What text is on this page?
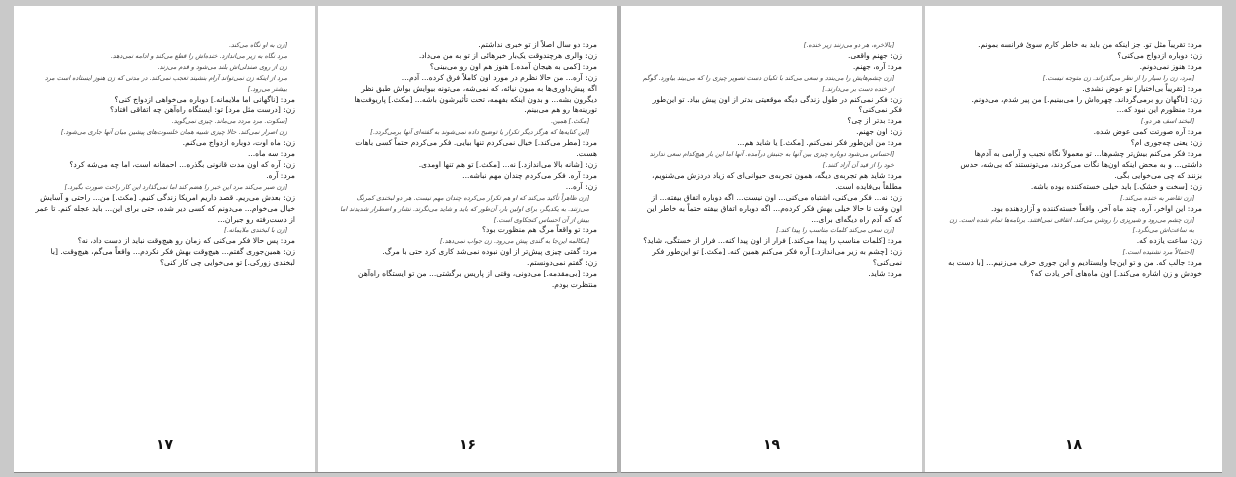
[زن به او نگاه می‌کند.

مرد نگاه به زیر می‌اندازد. خنده‌اش را قطع می‌کند و ادامه نمی‌دهد.

زن از روی صندلی‌اش بلند می‌شود و قدم می‌زند.

مرد از اینکه زن نمی‌تواند آرام بنشیند تعجب نمی‌کند. در مدتی که زن هنوز ایستاده است مرد بیشتر می‌رود.]

مرد: [ناگهانی اما ملایمانه.] دوباره می‌خواهی ازدواج کنی؟

زن: [درست مثل مرد] تو: ایستگاه راه‌آهن چه اتفاقی افتاد؟

[سکوت. مرد مردد می‌ماند. چیزی نمی‌گوید.

زن اصرار نمی‌کند. حالا چیزی شبیه همان خلسوت‌های پیشین میان آنها جاری می‌شود.]

زن: ماه اوت، دوباره ازدواج می‌کنم.

مرد: سه ماه...

زن: آره که اون مدت قانونی بگذره... احمقانه است، اما چه می‌شه کرد؟

مرد: آره.

[زن صبر می‌کند مرد این خبر را هضم کند اما نمی‌گذارد این کار راحت صورت بگیرد.]

زن: بعدش می‌ریم. قصد داریم امریکا زندگی کنیم. [مکث.] من... راحتی و آسایش خیال می‌خوام... می‌دونم که کسی دیر شده، حتی برای این... باید عجله کنم. تا عمر از دست‌رفته رو جبران...

[زن با لبخندی ملایمانه.]

مرد: پس حالا فکر می‌کنی که زمان رو هیچ‌وقت نباید از دست داد، نه؟

زن: همین‌جوری گفتم... هیچ‌وقت بهش فکر نکردم... واقعاً می‌گم، هیچ‌وقت. [با لبخندی زورکی.] تو می‌خوایی چی کار کنی؟

۱۷

مرد: دو سال اصلاً از تو خبری نداشتم.

زن: والری هرچندوقت یک‌بار خبرهائی از تو به من می‌داد.

مرد: [کمی به هیجان آمده.] هنوز هم اون رو می‌بینی؟

زن: آره... من حالا نظرم در مورد اون کاملاً فرق کرده... آدم...

اگه پیش‌داوری‌ها به میون نیائه، که نمی‌شه، می‌تونه بیوایش بواش طبق نظر دیگرون بشه... و بدون اینکه بفهمه، تحت تأثیرشون باشه... [مکث.] پاریوفت‌ها تورینه‌ها رو هم می‌بینم.

[مکث.] همین.

[این کنایه‌ها که هرگز دیگر تکرار یا توضیح داده نمی‌شوند به گفته‌ای آنها برمی‌گردد.]

مرد: [مطر می‌کند.] خیال نمی‌کردم تنها بیایی. فکر می‌کردم حتماً کسی باهات هست.

زن: [شانه بالا می‌اندازد.] نه... [مکث.] تو هم تنها اومدی.

مرد: آره. فکر می‌کردم چندان مهم نباشه...

زن: آره...

[زن ظاهراً تأکید می‌کند که او هم تکرار می‌کرده چندان مهم نیست. هر دو لبخندی کمرنگ می‌زنند. به یکدیگر، برای اولین بار، آن‌طور که باید و شاید می‌نگرند. نشار و اضطرار شدیدند اما بیش از آن احساس کنجکاوی است.]

مرد: تو واقعاً مرگ هم منظورت بود؟

[مکالمه این‌جا به گندی پیش می‌رود. زن جواب نمی‌دهد.]

مرد: گفتی چیزی پیش‌تر از اون نبوده نمی‌شد کاری کرد حتی با مرگ.

زن: گفتم نمی‌دونستم.

مرد: [بی‌مقدمه.] می‌دونی، وقتی از پاریس برگشتی... من تو ایستگاه راه‌آهن منتظرت بودم.

۱۶

[بالاخره، هر دو می‌زنند زیر خنده.]

زن: جهنم واقعی.

مرد: آره، جهنم.

[زن چشم‌هایش را می‌بندد و سعی می‌کند با تکیان دست تصویر چیزی را که می‌بیند بیاورد. گوگم از خنده دست بر می‌دارند.]

زن: فکر نمی‌کنم در طول زندگی دیگه موقعیتی بدتر از اون پیش بیاد. تو این‌طور فکر نمی‌کنی؟

مرد: بدتر از چی؟

زن: اون جهنم.

مرد: من این‌طور فکر نمی‌کنم. [مکث.] یا شاید هم...

[احساس می‌شود دوباره چیزی بین آنها به جنبش درآمده. آنها اما این بار هیچ‌کدام سعی ندارند خود را از قید آن آزاد کنند.]

مرد: شاید هم تجربه‌ی دیگه، همون تجربه‌ی حیوانی‌ای که زیاد دردزش می‌شنویم، مطلقاً بی‌فایده است.

زن: نه... فکر می‌کنی، اشتباه می‌کنی... اون نیست... اگه دوباره اتفاق بیفته... از اون وقت تا حالا خیلی بهش فکر کرده‌م... اگه دوباره اتفاق بیفته حتماً به خاطر این که که آدم راه دیگه‌ای برای...

[زن سعی می‌کند کلمات مناسب را پیدا کند.]

مرد: [کلمات مناسب را پیدا می‌کند.] فرار از اون پیدا کنه... فرار از خستگی، شاید؟

زن: [چشم به زیر می‌اندازد.] آره فکر می‌کنم همین کنه. [مکث.] تو این‌طور فکر نمی‌کنی؟

مرد: شاید.

۱۹

مرد: تقریباً مثل تو. جز اینکه من باید به خاطر کارم سوئ فرانسه بمونم.

زن: دوباره ازدواج می‌کنی؟

مرد: هنوز نمی‌دونم.

[مرد، زن را سیار را از نظر می‌گذراند. زن متوجه نیست.]

مرد: [تقریباً بی‌اختیار] تو عوض نشدی.

زن: [ناگهان رو برمی‌گرداند. چهره‌اش را می‌بینیم.] من پیر شدم، می‌دونم.

مرد: منظورم این نبود که...

[لبخند اسف هر دو.]

مرد: آره صورتت کمی عوض شده.

زن: یعنی چه‌جوری ام؟

مرد: فکر می‌کنم بیش‌تر چشم‌ها... تو معمولاً نگاه نجیب و آرامی به آدم‌ها داشتی... و به محض اینکه اون‌ها نگات می‌کردند، می‌تونستند که بی‌شه، حدس بزنند که چی می‌خوایی بگی.

زن: [سخت و خشک.] باید خیلی خسته‌کننده بوده باشه.

[زن تقاضر به خنده می‌کند.]

مرد: این اواخر، آره. چند ماه آخر، واقعاً خسته‌کننده و آزاردهنده بود.

[زن چشم می‌رود و شیرپزی را روشن می‌کند. اتفاقی نمی‌افتند. برنامه‌ها تمام شده است. زن به ساعت‌اش می‌نگرد.]

زن: ساعت یازده که.

[احتمالاً مرد نشنیده است.]

مرد: جالب که. من و تو این‌جا وایستادیم و این جوری حرف می‌زنیم... [با دست به خودش و زن اشاره می‌کند.] اون ماه‌های آخر یادت که؟

۱۸
